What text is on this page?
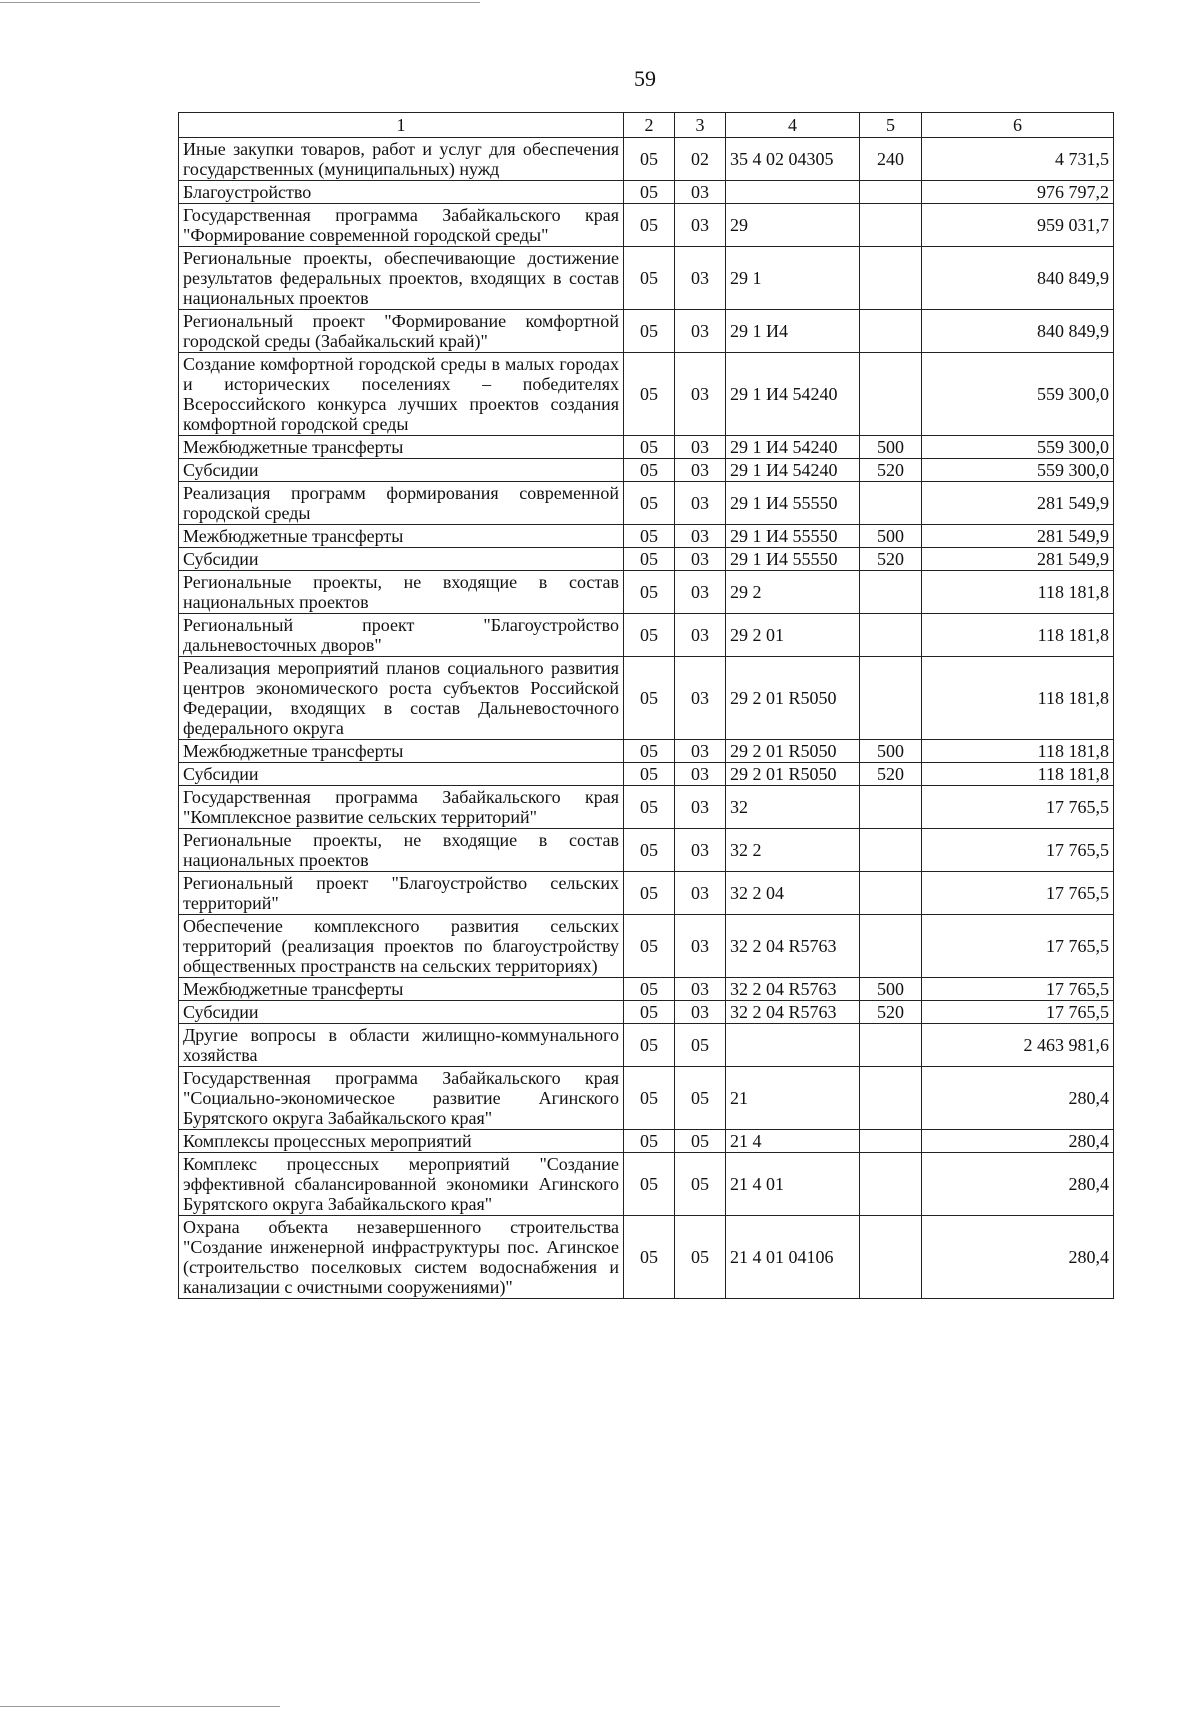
59
1	2	3	4	5	6
Иные закупки товаров, работ и услуг для обеспечения государственных (муниципальных) нужд	05	02	35 4 02 04305	240	4 731,5
Благоустройство	05	03			976 797,2
Государственная программа Забайкальского края "Формирование современной городской среды"	05	03	29		959 031,7
Региональные проекты, обеспечивающие достижение результатов федеральных проектов, входящих в состав национальных проектов	05	03	29 1		840 849,9
Региональный проект "Формирование комфортной городской среды (Забайкальский край)"	05	03	29 1 И4		840 849,9
Создание комфортной городской среды в малых городах и исторических поселениях – победителях Всероссийского конкурса лучших проектов создания комфортной городской среды	05	03	29 1 И4 54240		559 300,0
Межбюджетные трансферты	05	03	29 1 И4 54240	500	559 300,0
Субсидии	05	03	29 1 И4 54240	520	559 300,0
Реализация программ формирования современной городской среды	05	03	29 1 И4 55550		281 549,9
Межбюджетные трансферты	05	03	29 1 И4 55550	500	281 549,9
Субсидии	05	03	29 1 И4 55550	520	281 549,9
Региональные проекты, не входящие в состав национальных проектов	05	03	29 2		118 181,8
Региональный проект "Благоустройство дальневосточных дворов"	05	03	29 2 01		118 181,8
Реализация мероприятий планов социального развития центров экономического роста субъектов Российской Федерации, входящих в состав Дальневосточного федерального округа	05	03	29 2 01 R5050		118 181,8
Межбюджетные трансферты	05	03	29 2 01 R5050	500	118 181,8
Субсидии	05	03	29 2 01 R5050	520	118 181,8
Государственная программа Забайкальского края "Комплексное развитие сельских территорий"	05	03	32		17 765,5
Региональные проекты, не входящие в состав национальных проектов	05	03	32 2		17 765,5
Региональный проект "Благоустройство сельских территорий"	05	03	32 2 04		17 765,5
Обеспечение комплексного развития сельских территорий (реализация проектов по благоустройству общественных пространств на сельских территориях)	05	03	32 2 04 R5763		17 765,5
Межбюджетные трансферты	05	03	32 2 04 R5763	500	17 765,5
Субсидии	05	03	32 2 04 R5763	520	17 765,5
Другие вопросы в области жилищно-коммунального хозяйства	05	05			2 463 981,6
Государственная программа Забайкальского края "Социально-экономическое развитие Агинского Бурятского округа Забайкальского края"	05	05	21		280,4
Комплексы процессных мероприятий	05	05	21 4		280,4
Комплекс процессных мероприятий "Создание эффективной сбалансированной экономики Агинского Бурятского округа Забайкальского края"	05	05	21 4 01		280,4
Охрана объекта незавершенного строительства "Создание инженерной инфраструктуры пос. Агинское (строительство поселковых систем водоснабжения и канализации с очистными сооружениями)"	05	05	21 4 01 04106		280,4
